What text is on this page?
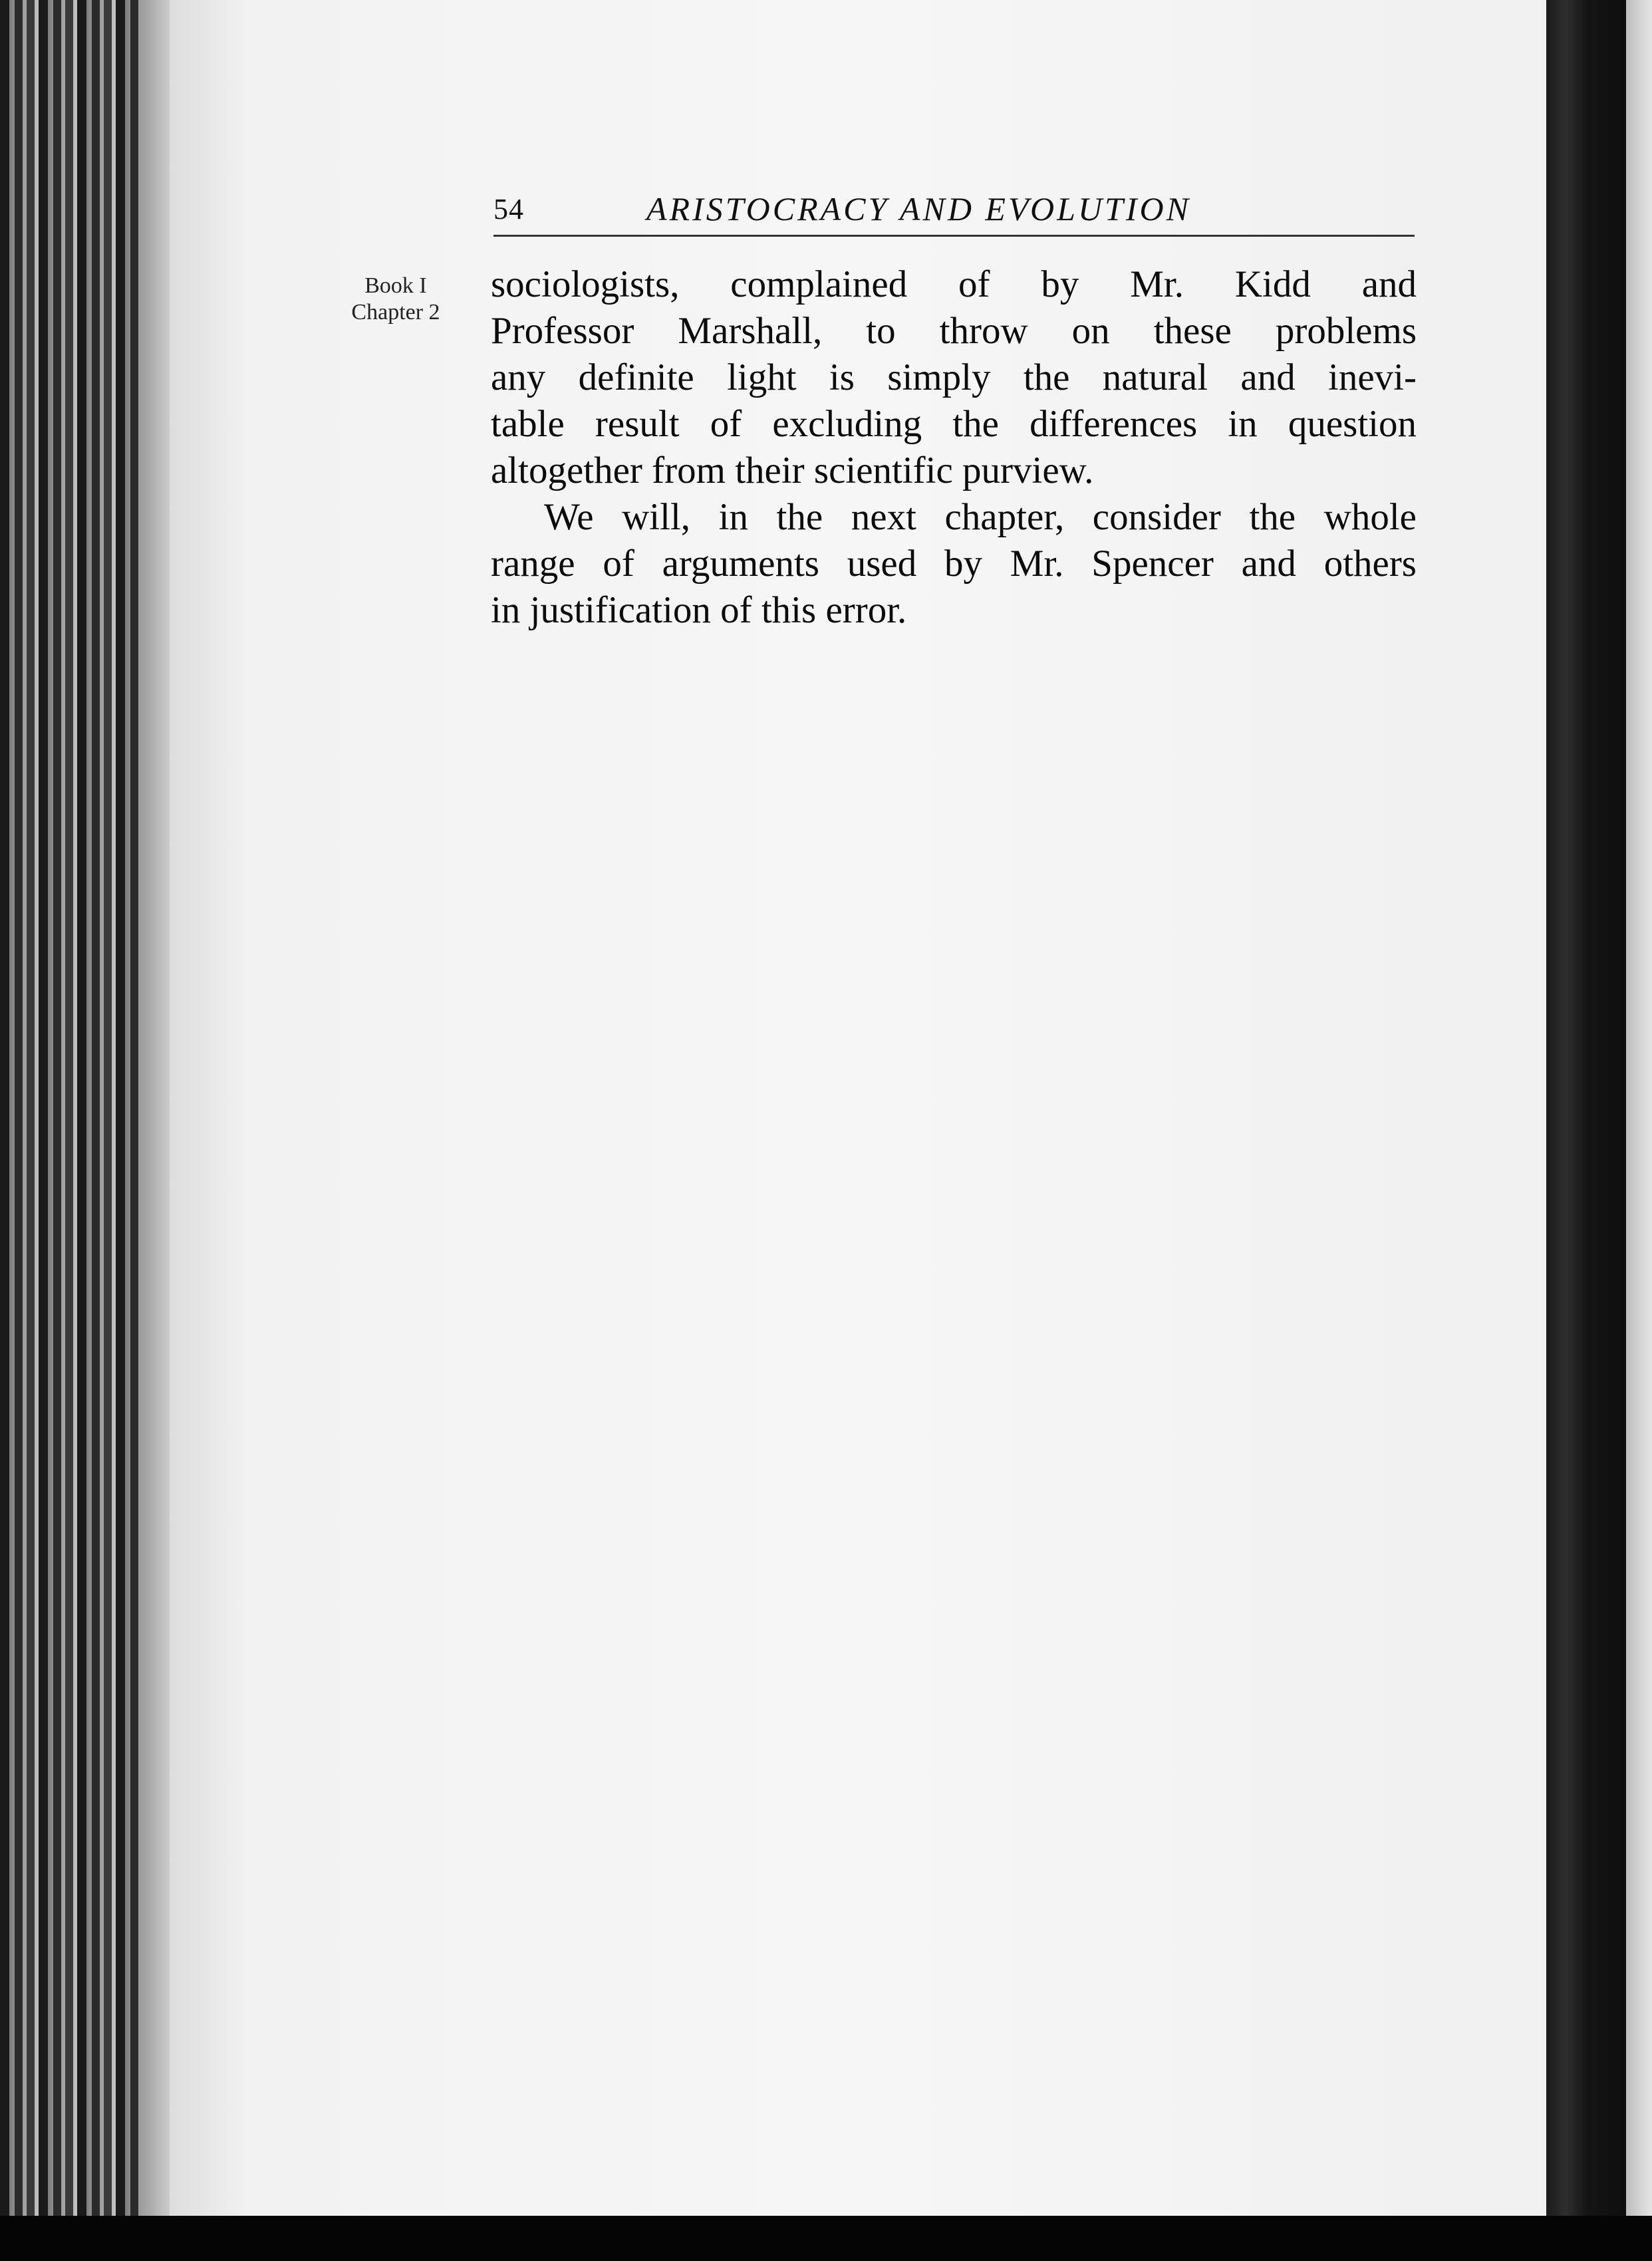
54	ARISTOCRACY AND EVOLUTION
Book I
Chapter 2
sociologists, complained of by Mr. Kidd and
Professor Marshall, to throw on these problems
any definite light is simply the natural and inevi-
table result of excluding the differences in question
altogether from their scientific purview.
We will, in the next chapter, consider the whole
range of arguments used by Mr. Spencer and others
in justification of this error.
